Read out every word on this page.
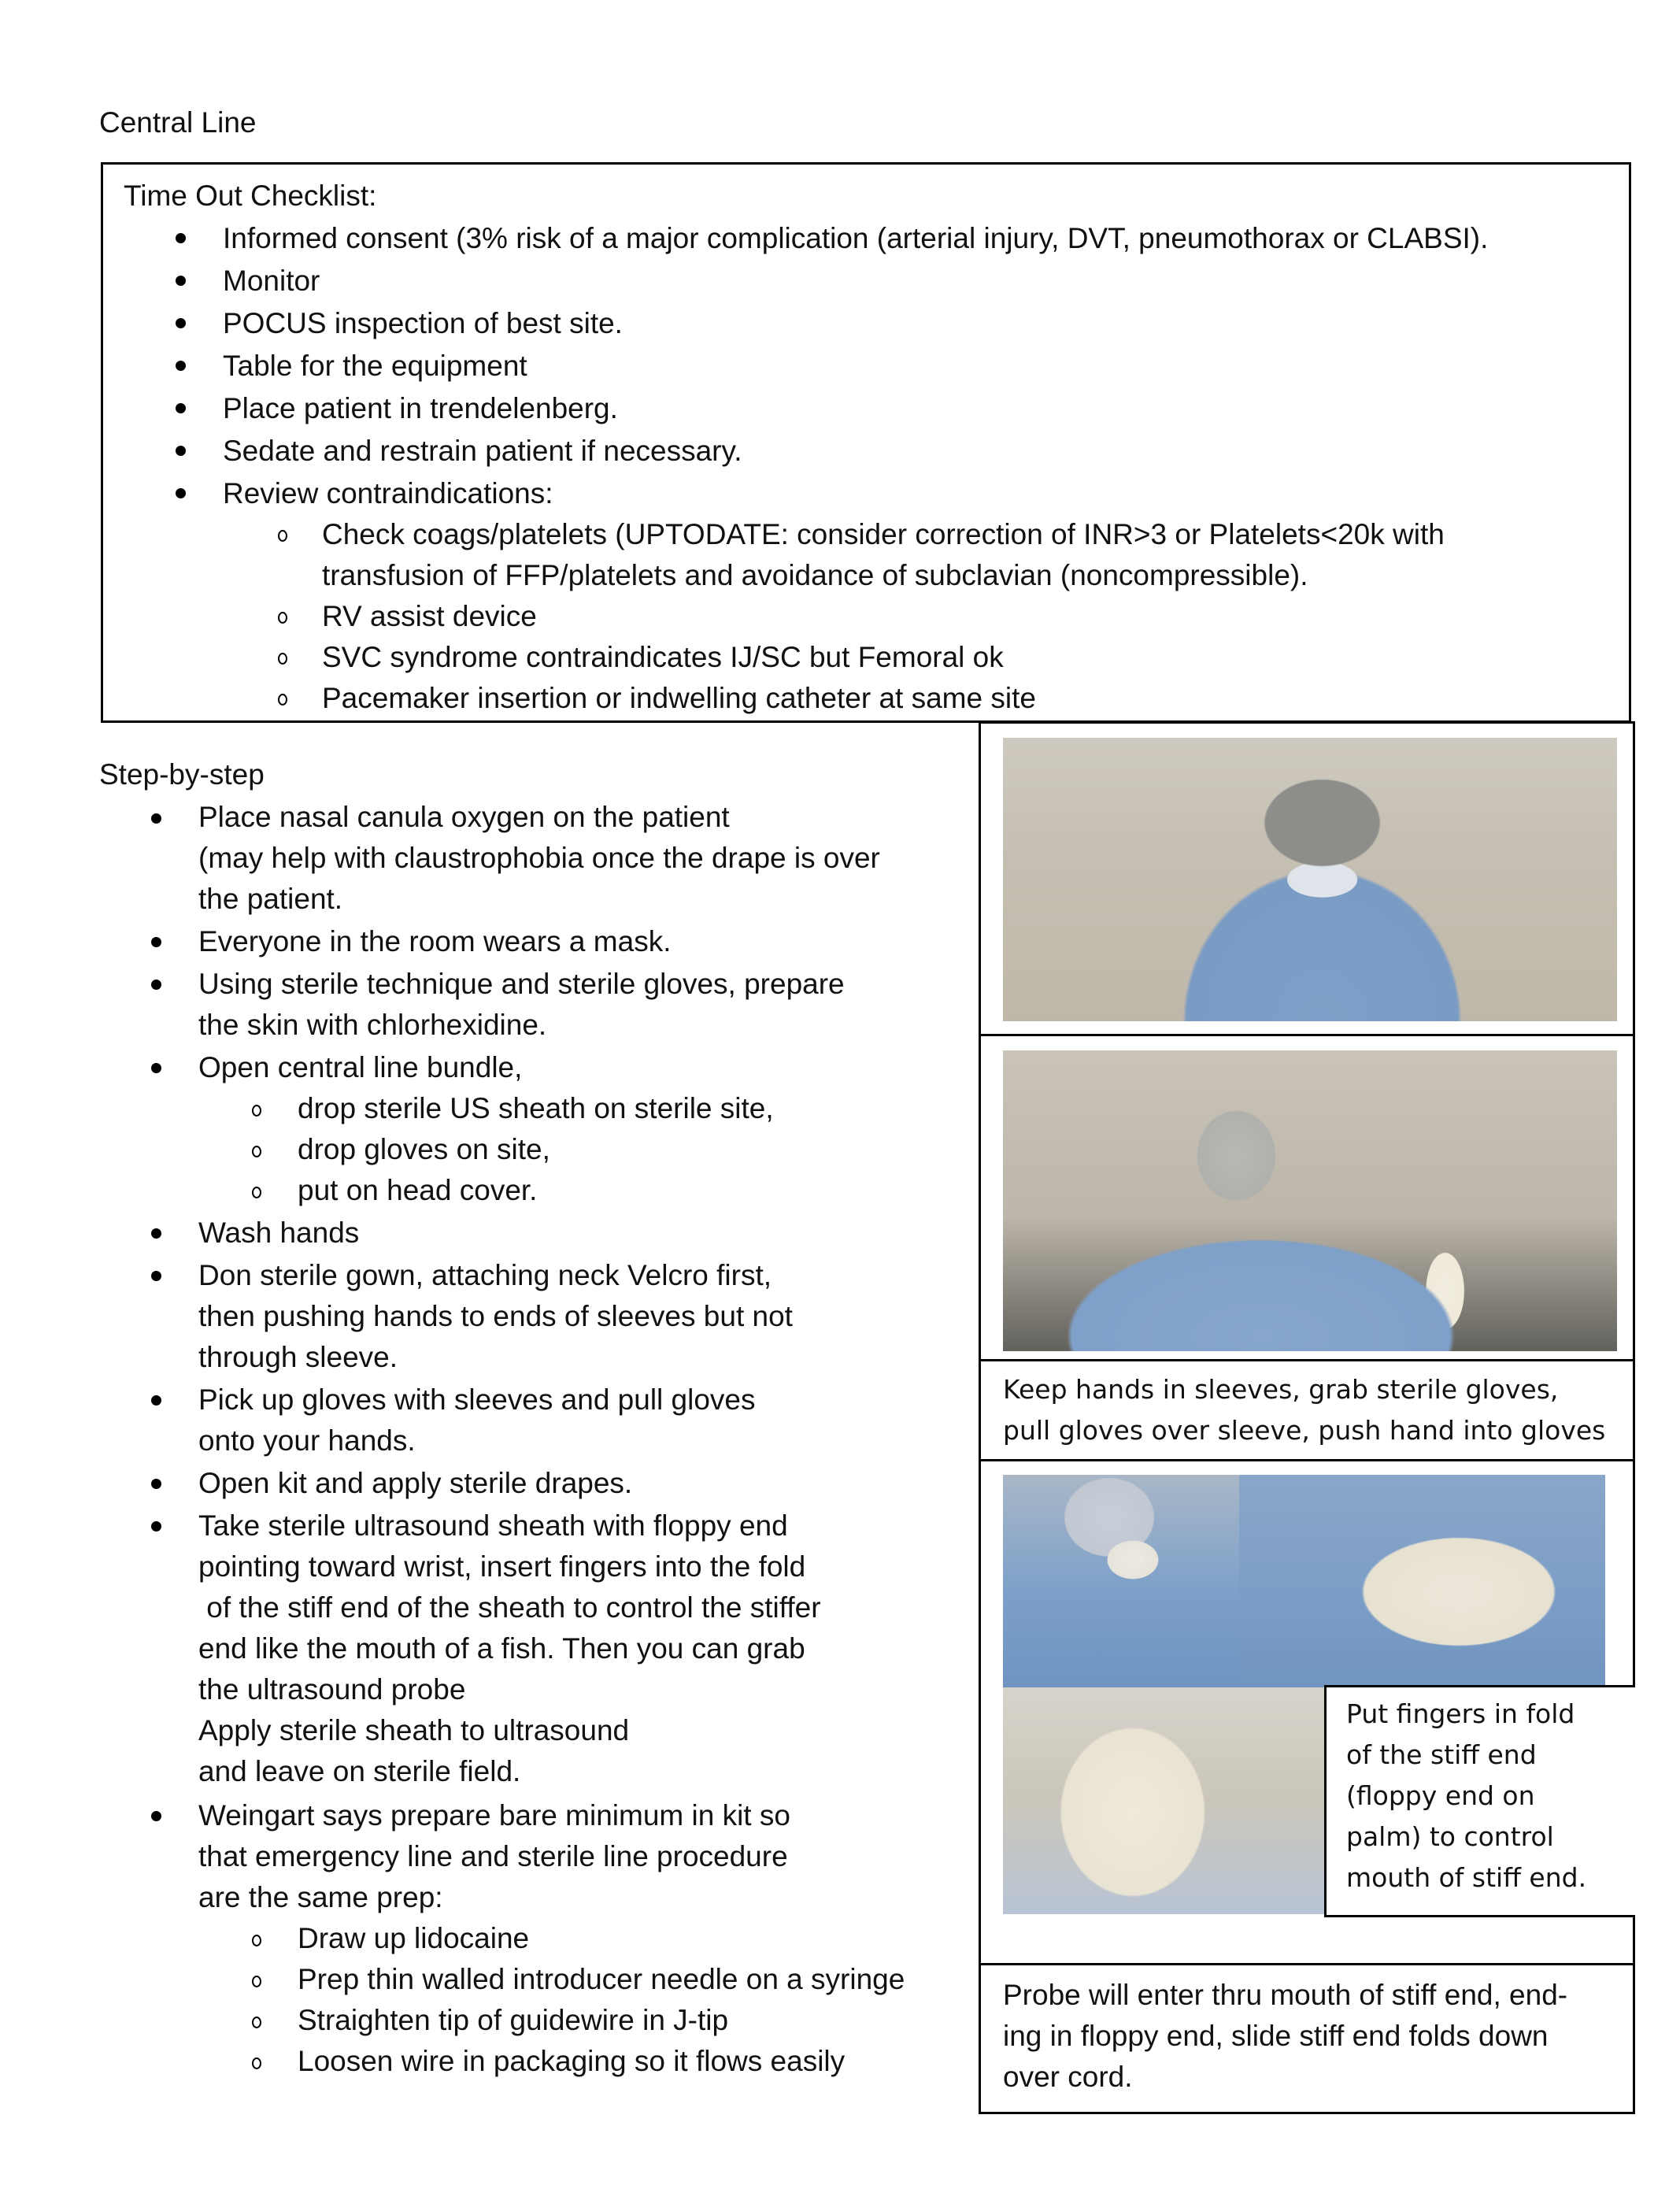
Central Line
Time Out Checklist:
Informed consent (3% risk of a major complication (arterial injury, DVT, pneumothorax or CLABSI).
Monitor
POCUS inspection of best site.
Table for the equipment
Place patient in trendelenberg.
Sedate and restrain patient if necessary.
Review contraindications:
Check coags/platelets (UPTODATE: consider correction of INR>3 or Platelets<20k with
transfusion of FFP/platelets and avoidance of subclavian (noncompressible).
RV assist device
SVC syndrome contraindicates IJ/SC but Femoral ok
Pacemaker insertion or indwelling catheter at same site
Step-by-step
Place nasal canula oxygen on the patient
(may help with claustrophobia once the drape is over
the patient.
Everyone in the room wears a mask.
Using sterile technique and sterile gloves, prepare
the skin with chlorhexidine.
Open central line bundle,
drop sterile US sheath on sterile site,
drop gloves on site,
put on head cover.
Wash hands
Don sterile gown, attaching neck Velcro first,
then pushing hands to ends of sleeves but not
through sleeve.
Pick up gloves with sleeves and pull gloves
onto your hands.
Open kit and apply sterile drapes.
Take sterile ultrasound sheath with floppy end
pointing toward wrist, insert fingers into the fold
of the stiff end of the sheath to control the stiffer
end like the mouth of a fish. Then you can grab
the ultrasound probe
Apply sterile sheath to ultrasound
and leave on sterile field.
Weingart says prepare bare minimum in kit so
that emergency line and sterile line procedure
are the same prep:
Draw up lidocaine
Prep thin walled introducer needle on a syringe
Straighten tip of guidewire in J-tip
Loosen wire in packaging so it flows easily
Keep hands in sleeves, grab sterile gloves,
pull gloves over sleeve, push hand into gloves
Put fingers in fold
of the stiff end
(floppy end on
palm) to control
mouth of stiff end.
Probe will enter thru mouth of stiff end, end-
ing in floppy end, slide stiff end folds down
over cord.
